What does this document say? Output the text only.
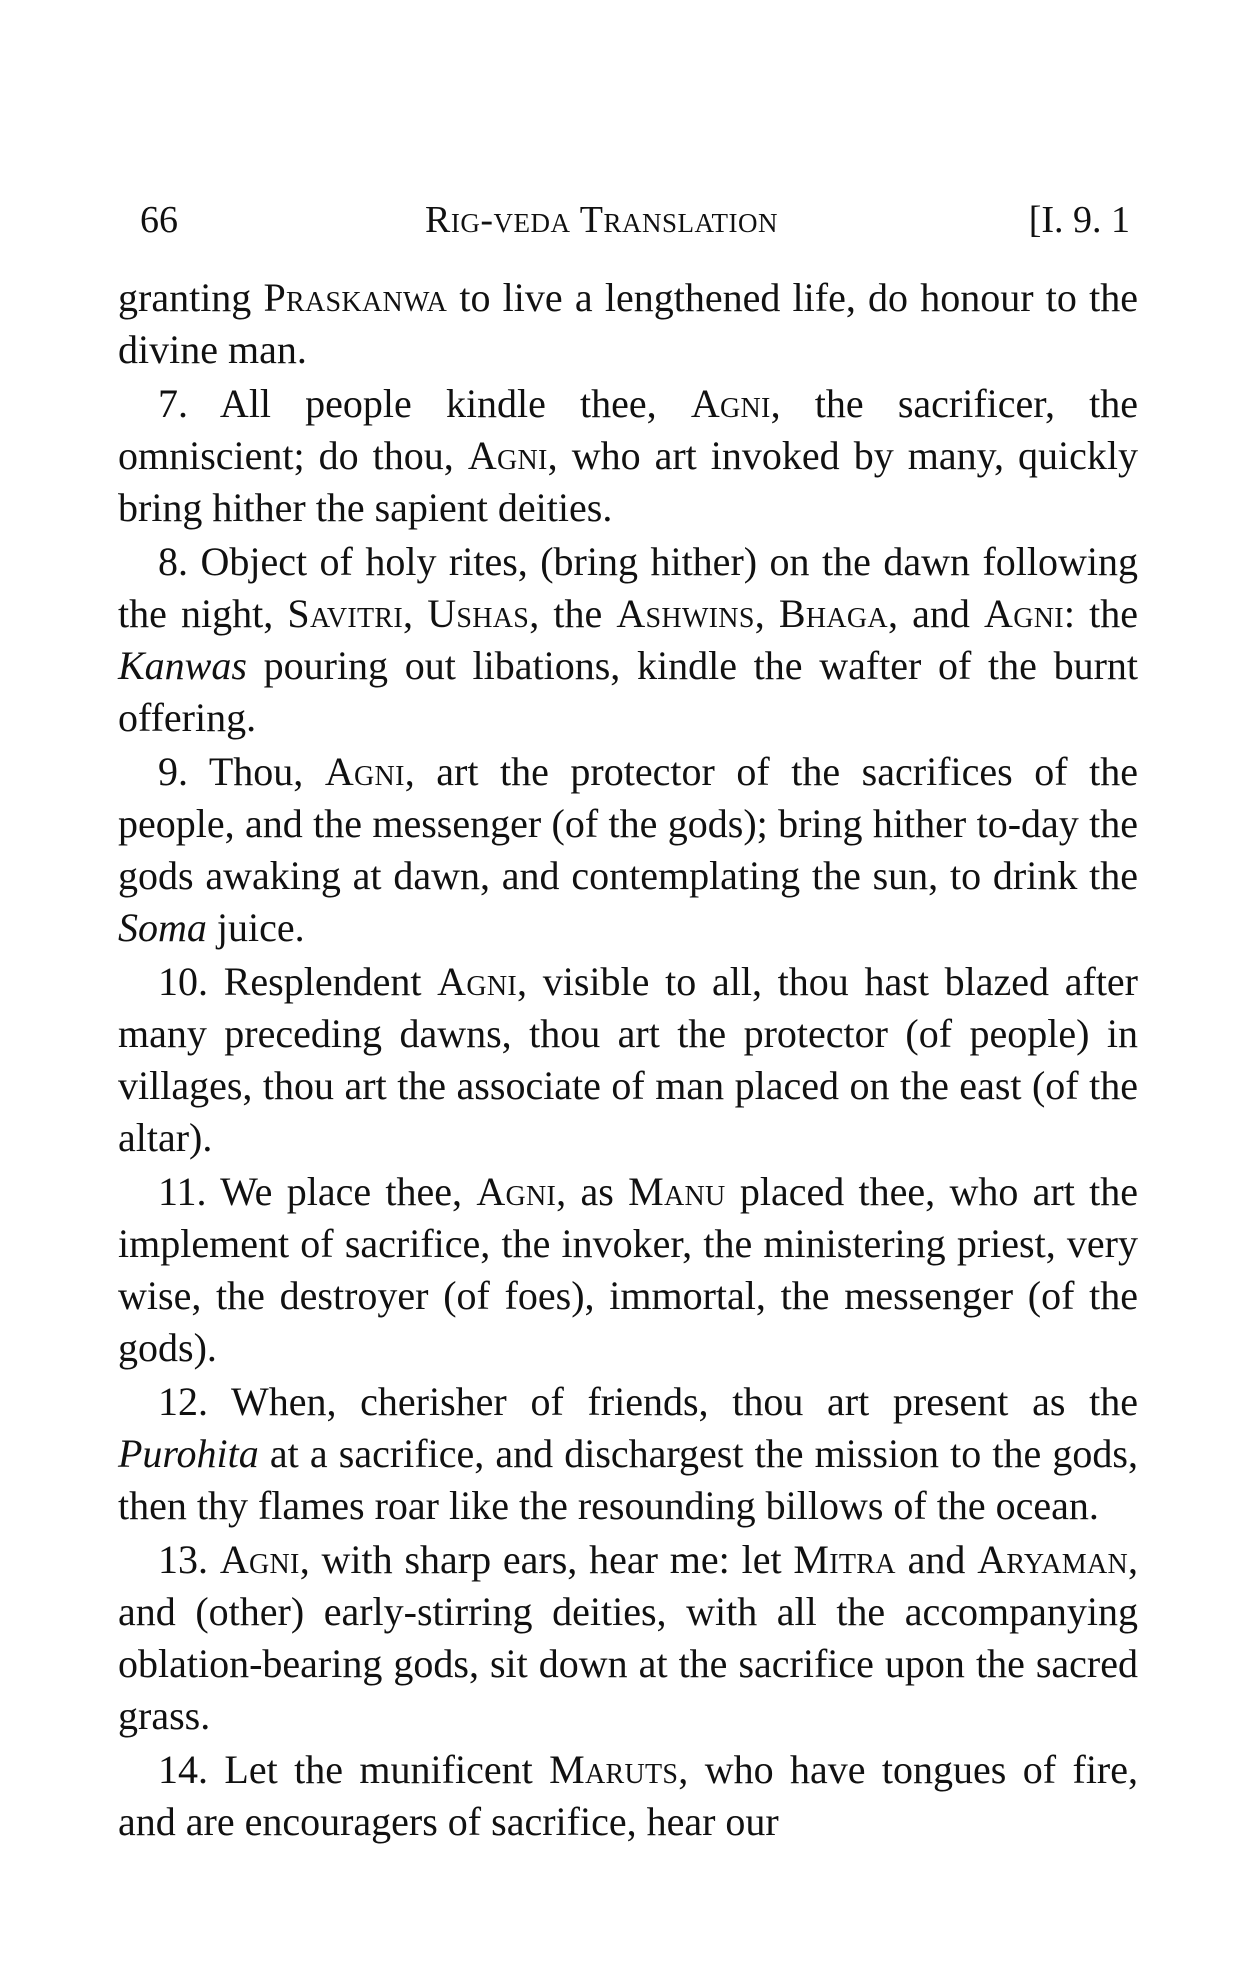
66	Rig-veda Translation	[I. 9. 1

granting Praskanwa to live a lengthened life, do honour to the divine man.

7. All people kindle thee, Agni, the sacrificer, the omniscient; do thou, Agni, who art invoked by many, quickly bring hither the sapient deities.

8. Object of holy rites, (bring hither) on the dawn following the night, Savitri, Ushas, the Ashwins, Bhaga, and Agni: the Kanwas pouring out libations, kindle the wafter of the burnt offering.

9. Thou, Agni, art the protector of the sacrifices of the people, and the messenger (of the gods); bring hither to-day the gods awaking at dawn, and contemplating the sun, to drink the Soma juice.

10. Resplendent Agni, visible to all, thou hast blazed after many preceding dawns, thou art the protector (of people) in villages, thou art the associate of man placed on the east (of the altar).

11. We place thee, Agni, as Manu placed thee, who art the implement of sacrifice, the invoker, the ministering priest, very wise, the destroyer (of foes), immortal, the messenger (of the gods).

12. When, cherisher of friends, thou art present as the Purohita at a sacrifice, and dischargest the mission to the gods, then thy flames roar like the resounding billows of the ocean.

13. Agni, with sharp ears, hear me: let Mitra and Aryaman, and (other) early-stirring deities, with all the accompanying oblation-bearing gods, sit down at the sacrifice upon the sacred grass.

14. Let the munificent Maruts, who have tongues of fire, and are encouragers of sacrifice, hear our
